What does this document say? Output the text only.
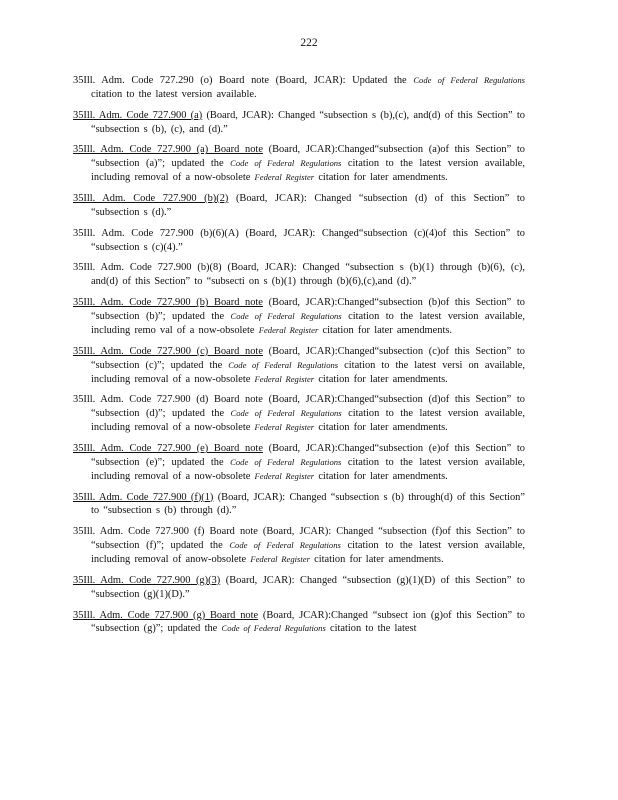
222

35Ill. Adm. Code 727.290 (o) Board note (Board, JCAR): Updated the Code of Federal Regulations citation to the latest version available.

35Ill. Adm. Code 727.900 (a) (Board, JCAR): Changed “subsection s (b),(c), and(d) of this Section” to “subsection s (b), (c), and (d).”

35Ill. Adm. Code 727.900 (a) Board note (Board, JCAR):Changed“subsection (a)of this Section” to “subsection (a)”; updated the Code of Federal Regulations citation to the latest version available, including removal of a now-obsolete Federal Register citation for later amendments.

35Ill. Adm. Code 727.900 (b)(2) (Board, JCAR): Changed “subsection (d) of this Section” to “subsection s (d).”

35Ill. Adm. Code 727.900 (b)(6)(A) (Board, JCAR): Changed“subsection (c)(4)of this Section” to “subsection s (c)(4).”

35Ill. Adm. Code 727.900 (b)(8) (Board, JCAR): Changed “subsection s (b)(1) through (b)(6), (c), and(d) of this Section” to “subsecti on s (b)(1) through (b)(6),(c),and (d).”

35Ill. Adm. Code 727.900 (b) Board note (Board, JCAR):Changed“subsection (b)of this Section” to “subsection (b)”; updated the Code of Federal Regulations citation to the latest version available, including remo val of a now-obsolete Federal Register citation for later amendments.

35Ill. Adm. Code 727.900 (c) Board note (Board, JCAR):Changed“subsection (c)of this Section” to “subsection (c)”; updated the Code of Federal Regulations citation to the latest versi on available, including removal of a now-obsolete Federal Register citation for later amendments.

35Ill. Adm. Code 727.900 (d) Board note (Board, JCAR):Changed“subsection (d)of this Section” to “subsection (d)”; updated the Code of Federal Regulations citation to the latest version available, including removal of a now-obsolete Federal Register citation for later amendments.

35Ill. Adm. Code 727.900 (e) Board note (Board, JCAR):Changed“subsection (e)of this Section” to “subsection (e)”; updated the Code of Federal Regulations citation to the latest version available, including removal of a now-obsolete Federal Register citation for later amendments.

35Ill. Adm. Code 727.900 (f)(1) (Board, JCAR): Changed “subsection s (b) through(d) of this Section” to “subsection s (b) through (d).”

35Ill. Adm. Code 727.900 (f) Board note (Board, JCAR): Changed “subsection (f)of this Section” to “subsection (f)”; updated the Code of Federal Regulations citation to the latest version available, including removal of anow-obsolete Federal Register citation for later amendments.

35Ill. Adm. Code 727.900 (g)(3) (Board, JCAR): Changed “subsection (g)(1)(D) of this Section” to “subsection (g)(1)(D).”

35Ill. Adm. Code 727.900 (g) Board note (Board, JCAR):Changed “subsect ion (g)of this Section” to “subsection (g)”; updated the Code of Federal Regulations citation to the latest
